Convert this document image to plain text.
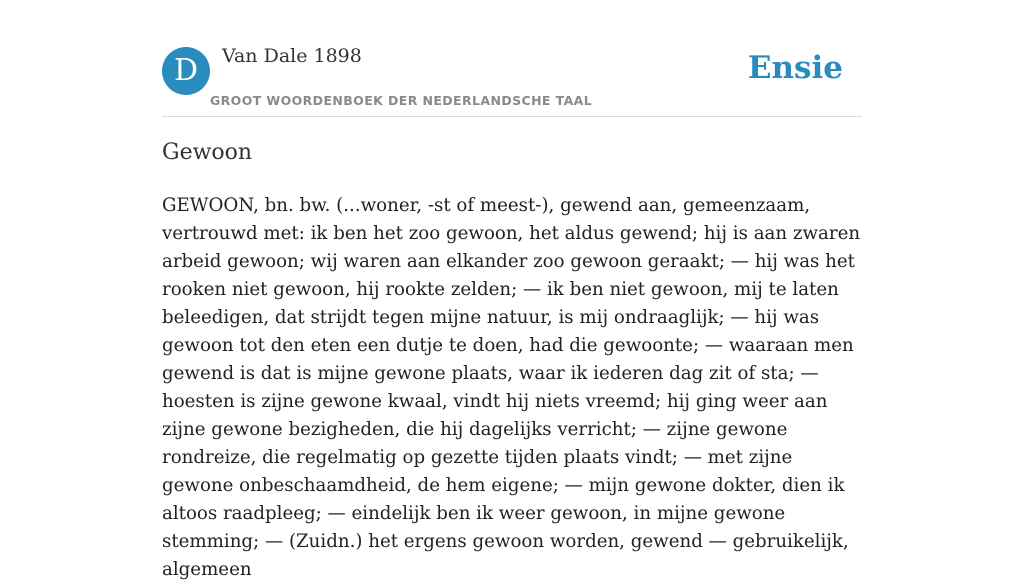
D	Van Dale 1898
GROOT WOORDENBOEK DER NEDERLANDSCHE TAAL
Ensie
Gewoon

GEWOON, bn. bw. (...woner, -st of meest-), gewend aan, gemeenzaam, vertrouwd met: ik ben het zoo gewoon, het aldus gewend; hij is aan zwaren arbeid gewoon; wij waren aan elkander zoo gewoon geraakt; — hij was het rooken niet gewoon, hij rookte zelden; — ik ben niet gewoon, mij te laten beleedigen, dat strijdt tegen mijne natuur, is mij ondraaglijk; — hij was gewoon tot den eten een dutje te doen, had die gewoonte; — waaraan men gewend is dat is mijne gewone plaats, waar ik iederen dag zit of sta; — hoesten is zijne gewone kwaal, vindt hij niets vreemd; hij ging weer aan zijne gewone bezigheden, die hij dagelijks verricht; — zijne gewone rondreize, die regelmatig op gezette tijden plaats vindt; — met zijne gewone onbeschaamdheid, de hem eigene; — mijn gewone dokter, dien ik altoos raadpleeg; — eindelijk ben ik weer gewoon, in mijne gewone stemming; — (Zuidn.) het ergens gewoon worden, gewend — gebruikelijk, algemeen
